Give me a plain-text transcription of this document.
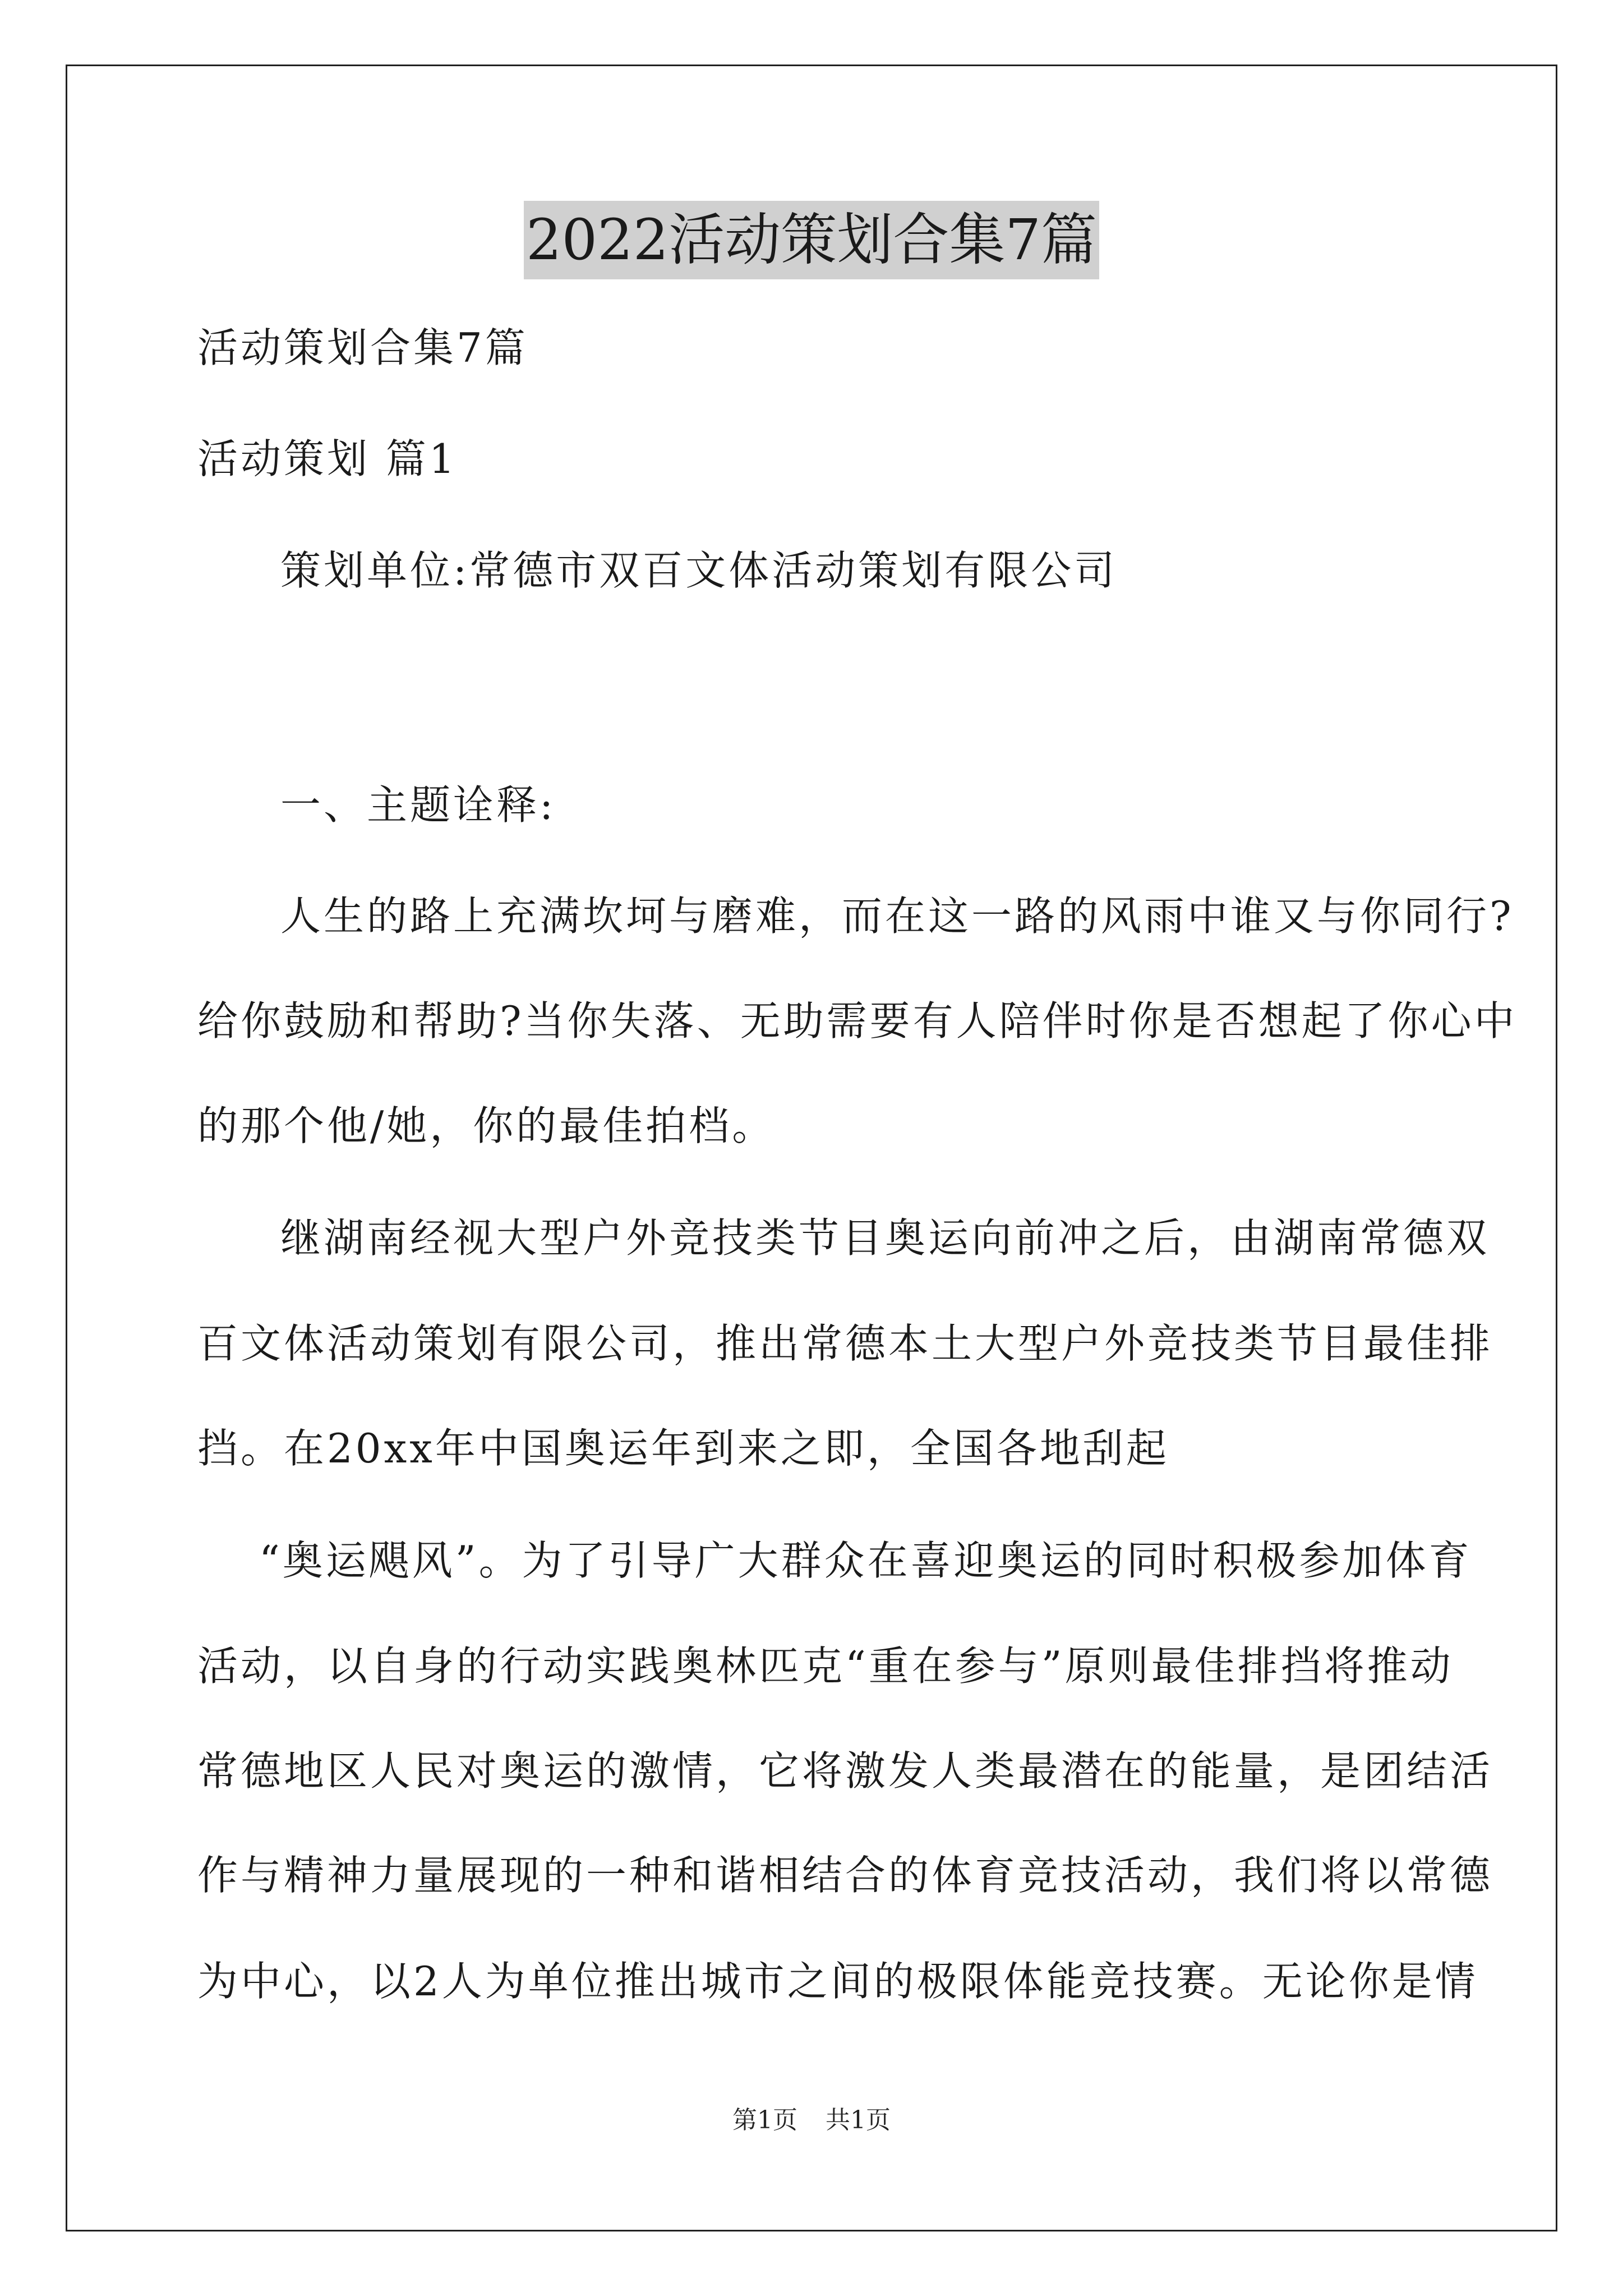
2022活动策划合集7篇

活动策划合集7篇

活动策划 篇1

策划单位:常德市双百文体活动策划有限公司

一、主题诠释:

人生的路上充满坎坷与磨难，而在这一路的风雨中谁又与你同行?

给你鼓励和帮助?当你失落、无助需要有人陪伴时你是否想起了你心中

的那个他/她，你的最佳拍档。

继湖南经视大型户外竞技类节目奥运向前冲之后，由湖南常德双

百文体活动策划有限公司，推出常德本土大型户外竞技类节目最佳排

挡。在20xx年中国奥运年到来之即，全国各地刮起

“奥运飓风”。为了引导广大群众在喜迎奥运的同时积极参加体育

活动，以自身的行动实践奥林匹克“重在参与”原则最佳排挡将推动

常德地区人民对奥运的激情，它将激发人类最潜在的能量，是团结活

作与精神力量展现的一种和谐相结合的体育竞技活动，我们将以常德

为中心，以2人为单位推出城市之间的极限体能竞技赛。无论你是情

第1页 共1页
